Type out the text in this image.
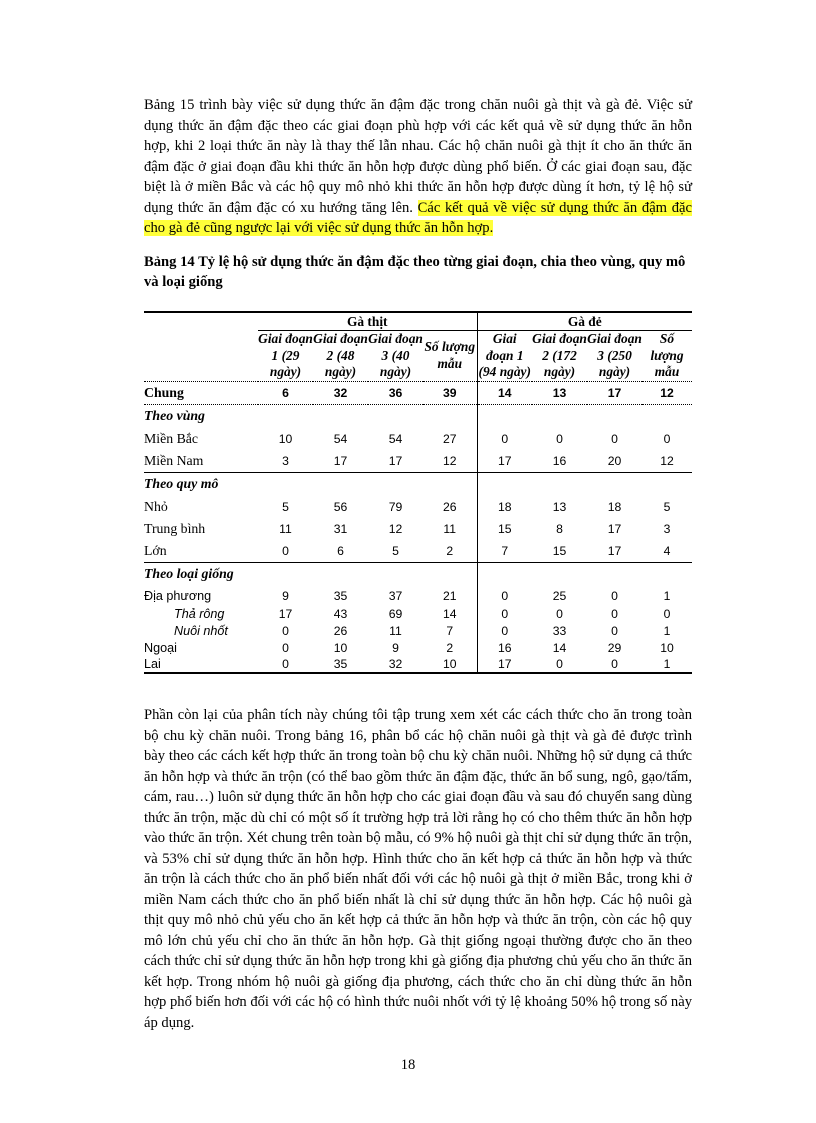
Bảng 15 trình bày việc sử dụng thức ăn đậm đặc trong chăn nuôi gà thịt và gà đẻ. Việc sử dụng thức ăn đậm đặc theo các giai đoạn phù hợp với các kết quả về sử dụng thức ăn hỗn hợp, khi 2 loại thức ăn này là thay thế lẫn nhau. Các hộ chăn nuôi gà thịt ít cho ăn thức ăn đậm đặc ở giai đoạn đầu khi thức ăn hỗn hợp được dùng phổ biến. Ở các giai đoạn sau, đặc biệt là ở miền Bắc và các hộ quy mô nhỏ khi thức ăn hỗn hợp được dùng ít hơn, tỷ lệ hộ sử dụng thức ăn đậm đặc có xu hướng tăng lên. Các kết quả về việc sử dụng thức ăn đậm đặc cho gà đẻ cũng ngược lại với việc sử dụng thức ăn hỗn hợp.

Bảng 14 Tỷ lệ hộ sử dụng thức ăn đậm đặc theo từng giai đoạn, chia theo vùng, quy mô và loại giống

	Gà thịt				Gà đẻ			
	Giai đoạn 1 (29 ngày)	Giai đoạn 2 (48 ngày)	Giai đoạn 3 (40 ngày)	Số lượng mẫu	Giai đoạn 1 (94 ngày)	Giai đoạn 2 (172 ngày)	Giai đoạn 3 (250 ngày)	Số lượng mẫu
Chung	6	32	36	39	14	13	17	12
Theo vùng								
Miền Bắc	10	54	54	27	0	0	0	0
Miền Nam	3	17	17	12	17	16	20	12
Theo quy mô								
Nhỏ	5	56	79	26	18	13	18	5
Trung bình	11	31	12	11	15	8	17	3
Lớn	0	6	5	2	7	15	17	4
Theo loại giống								
Địa phương	9	35	37	21	0	25	0	1
Thả rông	17	43	69	14	0	0	0	0
Nuôi nhốt	0	26	11	7	0	33	0	1
Ngoại	0	10	9	2	16	14	29	10
Lai	0	35	32	10	17	0	0	1

Phần còn lại của phân tích này chúng tôi tập trung xem xét các cách thức cho ăn trong toàn bộ chu kỳ chăn nuôi. Trong bảng 16, phân bổ các hộ chăn nuôi gà thịt và gà đẻ được trình bày theo các cách kết hợp thức ăn trong toàn bộ chu kỳ chăn nuôi. Những hộ sử dụng cả thức ăn hỗn hợp và thức ăn trộn (có thể bao gồm thức ăn đậm đặc, thức ăn bổ sung, ngô, gạo/tấm, cám, rau…) luôn sử dụng thức ăn hỗn hợp cho các giai đoạn đầu và sau đó chuyển sang dùng thức ăn trộn, mặc dù chỉ có một số ít trường hợp trả lời rằng họ có cho thêm thức ăn hỗn hợp vào thức ăn trộn. Xét chung trên toàn bộ mẫu, có 9% hộ nuôi gà thịt chỉ sử dụng thức ăn trộn, và 53% chỉ sử dụng thức ăn hỗn hợp. Hình thức cho ăn kết hợp cả thức ăn hỗn hợp và thức ăn trộn là cách thức cho ăn phổ biến nhất đối với các hộ nuôi gà thịt ở miền Bắc, trong khi ở miền Nam cách thức cho ăn phổ biến nhất là chỉ sử dụng thức ăn hỗn hợp. Các hộ nuôi gà thịt quy mô nhỏ chủ yếu cho ăn kết hợp cả thức ăn hỗn hợp và thức ăn trộn, còn các hộ quy mô lớn chủ yếu chỉ cho ăn thức ăn hỗn hợp. Gà thịt giống ngoại thường được cho ăn theo cách thức chỉ sử dụng thức ăn hỗn hợp trong khi gà giống địa phương chủ yếu cho ăn thức ăn kết hợp. Trong nhóm hộ nuôi gà giống địa phương, cách thức cho ăn chỉ dùng thức ăn hỗn hợp phổ biến hơn đối với các hộ có hình thức nuôi nhốt với tỷ lệ khoảng 50% hộ trong số này áp dụng.

18
